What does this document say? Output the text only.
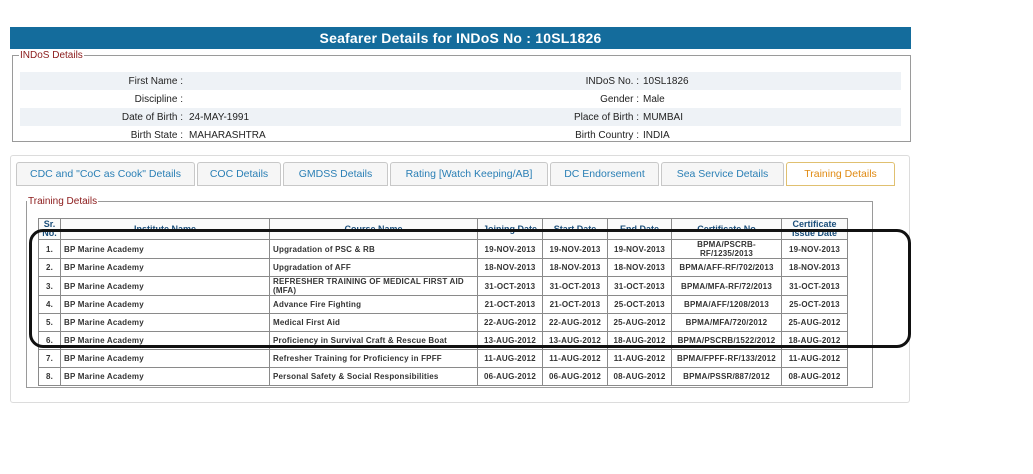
Seafarer Details for INDoS No : 10SL1826
INDoS Details
First Name :	INDoS No. : 10SL1826
Discipline :	Gender : Male
Date of Birth : 24-MAY-1991	Place of Birth : MUMBAI
Birth State : MAHARASHTRA	Birth Country : INDIA
CDC and "CoC as Cook" Details	COC Details	GMDSS Details	Rating [Watch Keeping/AB]	DC Endorsement	Sea Service Details	Training Details
Training Details
Sr. No.	Institute Name	Course Name	Joining Date	Start Date	End Date	Certificate No	Certificate Issue Date
1.	BP Marine Academy	Upgradation of PSC & RB	19-NOV-2013	19-NOV-2013	19-NOV-2013	BPMA/PSCRB-RF/1235/2013	19-NOV-2013
2.	BP Marine Academy	Upgradation of AFF	18-NOV-2013	18-NOV-2013	18-NOV-2013	BPMA/AFF-RF/702/2013	18-NOV-2013
3.	BP Marine Academy	REFRESHER TRAINING OF MEDICAL FIRST AID (MFA)	31-OCT-2013	31-OCT-2013	31-OCT-2013	BPMA/MFA-RF/72/2013	31-OCT-2013
4.	BP Marine Academy	Advance Fire Fighting	21-OCT-2013	21-OCT-2013	25-OCT-2013	BPMA/AFF/1208/2013	25-OCT-2013
5.	BP Marine Academy	Medical First Aid	22-AUG-2012	22-AUG-2012	25-AUG-2012	BPMA/MFA/720/2012	25-AUG-2012
6.	BP Marine Academy	Proficiency in Survival Craft & Rescue Boat	13-AUG-2012	13-AUG-2012	18-AUG-2012	BPMA/PSCRB/1522/2012	18-AUG-2012
7.	BP Marine Academy	Refresher Training for Proficiency in FPFF	11-AUG-2012	11-AUG-2012	11-AUG-2012	BPMA/FPFF-RF/133/2012	11-AUG-2012
8.	BP Marine Academy	Personal Safety & Social Responsibilities	06-AUG-2012	06-AUG-2012	08-AUG-2012	BPMA/PSSR/887/2012	08-AUG-2012
